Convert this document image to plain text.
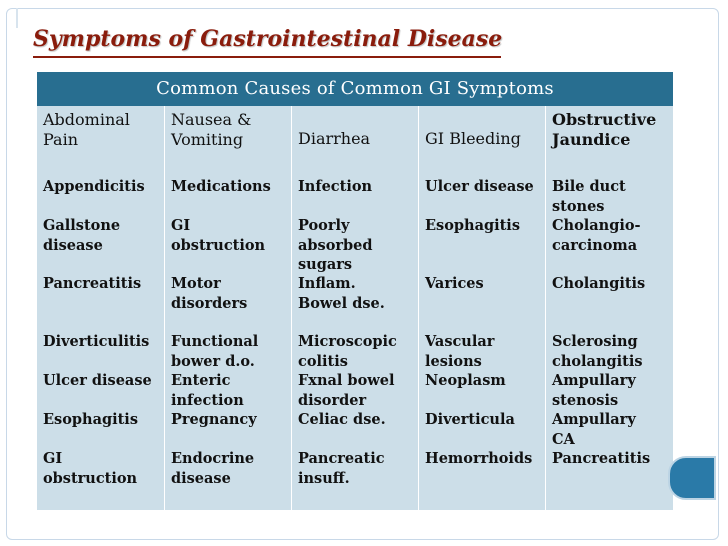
Symptoms of Gastrointestinal Disease
Common Causes of Common GI Symptoms
Abdominal
Pain
Appendicitis
Gallstone
disease
Pancreatitis
Diverticulitis
Ulcer disease
Esophagitis
GI
obstruction
Nausea &
Vomiting
Medications
GI
obstruction
Motor
disorders
Functional
bower d.o.
Enteric
infection
Pregnancy
Endocrine
disease
Diarrhea
Infection
Poorly
absorbed
sugars
Inflam.
Bowel dse.
Microscopic
colitis
Fxnal bowel
disorder
Celiac dse.
Pancreatic
insuff.
GI Bleeding
Ulcer disease
Esophagitis
Varices
Vascular
lesions
Neoplasm
Diverticula
Hemorrhoids
Obstructive
Jaundice
Bile duct
stones
Cholangio-
carcinoma
Cholangitis
Sclerosing
cholangitis
Ampullary
stenosis
Ampullary
CA
Pancreatitis
